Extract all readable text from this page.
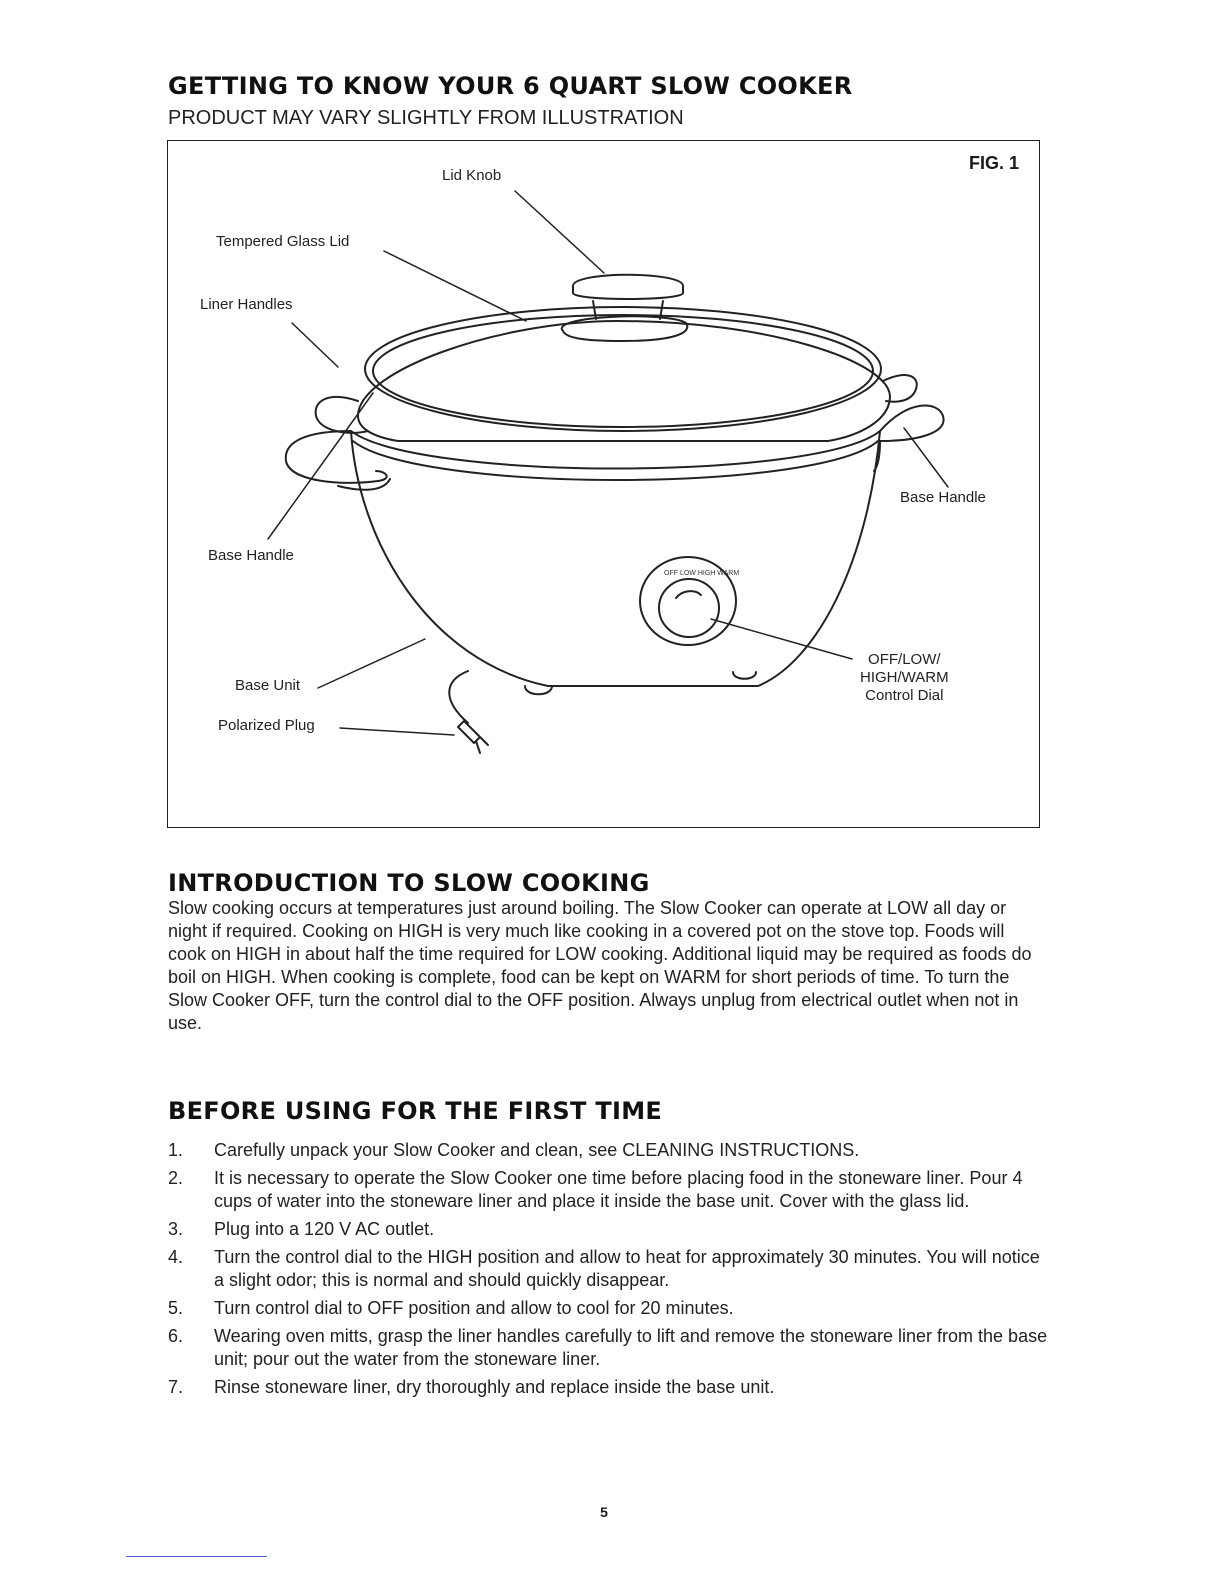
GETTING TO KNOW YOUR 6 QUART SLOW COOKER
PRODUCT MAY VARY SLIGHTLY FROM ILLUSTRATION
OFF LOW HIGH WARM
FIG. 1
Lid Knob
Tempered Glass Lid
Liner Handles
Base Handle
Base Handle
Base Unit
Polarized Plug
OFF/LOW/
HIGH/WARM
Control Dial
INTRODUCTION TO SLOW COOKING

Slow cooking occurs at temperatures just around boiling. The Slow Cooker can operate at LOW all day or night if required. Cooking on HIGH is very much like cooking in a covered pot on the stove top. Foods will cook on HIGH in about half the time required for LOW cooking. Additional liquid may be required as foods do boil on HIGH. When cooking is complete, food can be kept on WARM for short periods of time. To turn the Slow Cooker OFF, turn the control dial to the OFF position. Always unplug from electrical outlet when not in use.

BEFORE USING FOR THE FIRST TIME
1.	Carefully unpack your Slow Cooker and clean, see CLEANING INSTRUCTIONS.
2.	It is necessary to operate the Slow Cooker one time before placing food in the stoneware liner. Pour 4 cups of water into the stoneware liner and place it inside the base unit. Cover with the glass lid.
3.	Plug into a 120 V AC outlet.
4.	Turn the control dial to the HIGH position and allow to heat for approximately 30 minutes. You will notice a slight odor; this is normal and should quickly disappear.
5.	Turn control dial to OFF position and allow to cool for 20 minutes.
6.	Wearing oven mitts, grasp the liner handles carefully to lift and remove the stoneware liner from the base unit; pour out the water from the stoneware liner.
7.	Rinse stoneware liner, dry thoroughly and replace inside the base unit.
5
